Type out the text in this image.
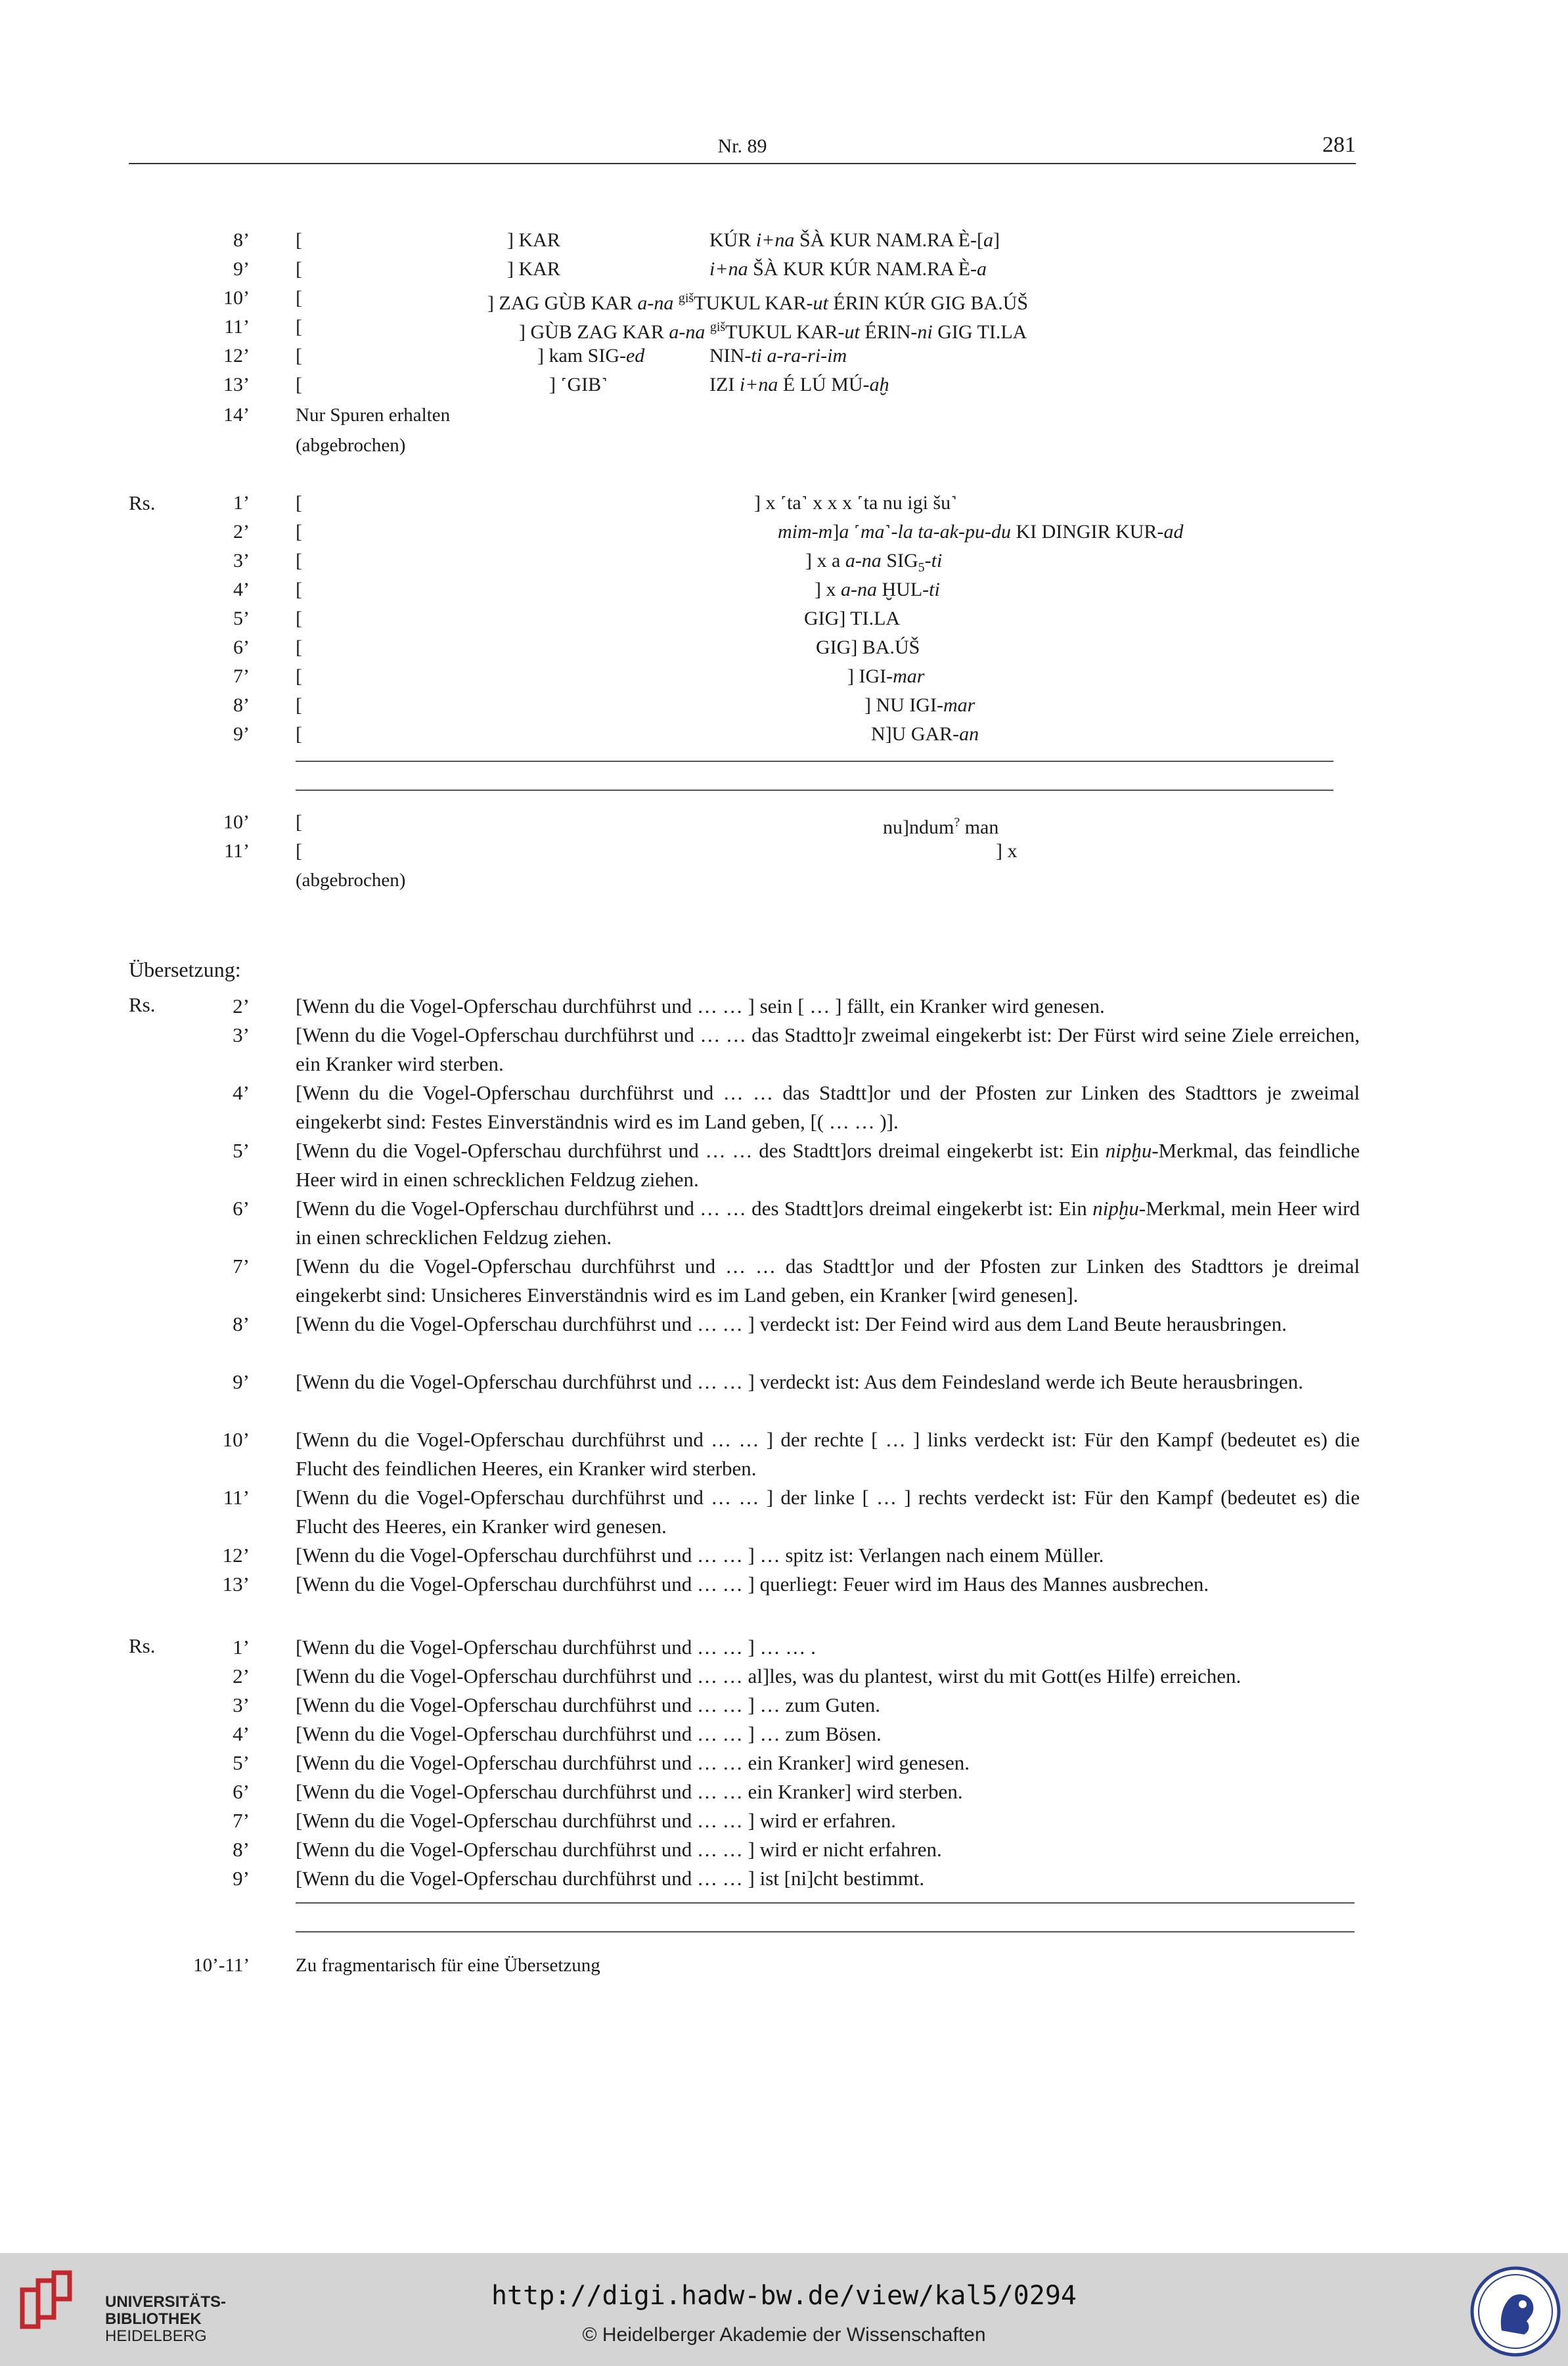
Nr. 89	281
8’ [	] KAR	KÚR i+na ŠÀ KUR NAM.RA È-[a]
9’ [	] KAR	i+na ŠÀ KUR KÚR NAM.RA È-a
10’ [	] ZAG GÙB KAR a-na $^{giš}$TUKUL KAR-ut ÉRIN KÚR GIG BA.ÚŠ
11’ [	] GÙB ZAG KAR a-na $^{giš}$TUKUL KAR-ut ÉRIN-ni GIG TI.LA
12’ [	] kam SIG-ed	NIN-ti a-ra-ri-im
13’ [	] ˹GIB˺	IZI i+na É LÚ MÚ-aḫ
14’ Nur Spuren erhalten
(abgebrochen)
Rs.	1’ [	] x ˹ta˺ x x x ˹ta nu igi šu˺
2’ [	mim-m]a ˹ma˺-la ta-ak-pu-du KI DINGIR KUR-ad
3’ [	] x a a-na $SIG_5-ti$
4’ [	] x a-na ḪUL-ti
5’ [	GIG] TI.LA
6’ [	GIG] BA.ÚŠ
7’ [	] IGI-mar
8’ [	] NU IGI-mar
9’ [	N]U GAR-an
10’ [	nu]ndum? man
11’ [	] x
(abgebrochen)
Übersetzung:
Rs.	2’ [Wenn du die Vogel-Opferschau durchführst und … … ] sein [ … ] fällt, ein Kranker wird genesen.
3’ [Wenn du die Vogel-Opferschau durchführst und … … das Stadtto]r zweimal eingekerbt ist: Der Fürst wird seine Ziele erreichen, ein Kranker wird sterben.
4’ [Wenn du die Vogel-Opferschau durchführst und … … das Stadtt]or und der Pfosten zur Linken des Stadttors je zweimal eingekerbt sind: Festes Einverständnis wird es im Land geben, [( … … )].
5’ [Wenn du die Vogel-Opferschau durchführst und … … des Stadtt]ors dreimal eingekerbt ist: Ein nipḫu-Merkmal, das feindliche Heer wird in einen schrecklichen Feldzug ziehen.
6’ [Wenn du die Vogel-Opferschau durchführst und … … des Stadtt]ors dreimal eingekerbt ist: Ein nipḫu-Merkmal, mein Heer wird in einen schrecklichen Feldzug ziehen.
7’ [Wenn du die Vogel-Opferschau durchführst und … … das Stadtt]or und der Pfosten zur Linken des Stadttors je dreimal eingekerbt sind: Unsicheres Einverständnis wird es im Land geben, ein Kranker [wird genesen].
8’ [Wenn du die Vogel-Opferschau durchführst und … … ] verdeckt ist: Der Feind wird aus dem Land Beute herausbringen.
9’ [Wenn du die Vogel-Opferschau durchführst und … … ] verdeckt ist: Aus dem Feindesland werde ich Beute herausbringen.
10’ [Wenn du die Vogel-Opferschau durchführst und … … ] der rechte [ … ] links verdeckt ist: Für den Kampf (bedeutet es) die Flucht des feindlichen Heeres, ein Kranker wird sterben.
11’ [Wenn du die Vogel-Opferschau durchführst und … … ] der linke [ … ] rechts verdeckt ist: Für den Kampf (bedeutet es) die Flucht des Heeres, ein Kranker wird genesen.
12’ [Wenn du die Vogel-Opferschau durchführst und … … ] … spitz ist: Verlangen nach einem Müller.
13’ [Wenn du die Vogel-Opferschau durchführst und … … ] querliegt: Feuer wird im Haus des Mannes ausbrechen.
Rs.	1’ [Wenn du die Vogel-Opferschau durchführst und … … ] … … .
2’ [Wenn du die Vogel-Opferschau durchführst und … … al]les, was du plantest, wirst du mit Gott(es Hilfe) erreichen.
3’ [Wenn du die Vogel-Opferschau durchführst und … … ] … zum Guten.
4’ [Wenn du die Vogel-Opferschau durchführst und … … ] … zum Bösen.
5’ [Wenn du die Vogel-Opferschau durchführst und … … ein Kranker] wird genesen.
6’ [Wenn du die Vogel-Opferschau durchführst und … … ein Kranker] wird sterben.
7’ [Wenn du die Vogel-Opferschau durchführst und … … ] wird er erfahren.
8’ [Wenn du die Vogel-Opferschau durchführst und … … ] wird er nicht erfahren.
9’ [Wenn du die Vogel-Opferschau durchführst und … … ] ist [ni]cht bestimmt.
10’-11’ Zu fragmentarisch für eine Übersetzung
UNIVERSITÄTS-
BIBLIOTHEK
HEIDELBERG
http://digi.hadw-bw.de/view/kal5/0294
© Heidelberger Akademie der Wissenschaften
